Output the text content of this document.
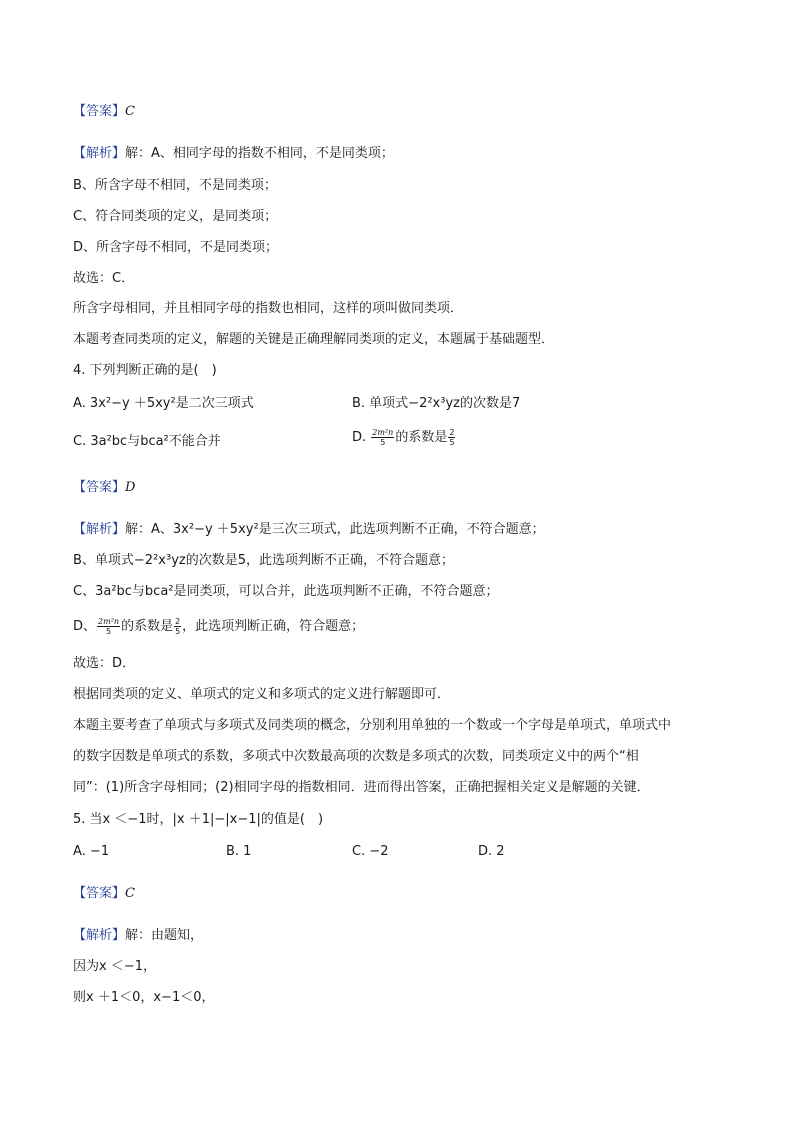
【答案】C
【解析】解：A、相同字母的指数不相同，不是同类项；
B、所含字母不相同，不是同类项；
C、符合同类项的定义，是同类项；
D、所含字母不相同，不是同类项；
故选：C．
所含字母相同，并且相同字母的指数也相同，这样的项叫做同类项．
本题考查同类项的定义，解题的关键是正确理解同类项的定义，本题属于基础题型．
4. 下列判断正确的是(　)
A. 3x²−y ＋5xy²是二次三项式	B. 单项式−2²x³yz的次数是7
C. 3a²bc与bca²不能合并	D. $\frac{\text{2m²n}}{5}$ 的系数是 $\frac{2}{5}$
【答案】D
【解析】解：A、3x²−y ＋5xy²是三次三项式，此选项判断不正确，不符合题意；
B、单项式−2²x³yz的次数是5，此选项判断不正确，不符合题意；
C、3a²bc与bca²是同类项，可以合并，此选项判断不正确，不符合题意；
D、 $\frac{\text{2m²n}}{5}$ 的系数是 $\frac{2}{5}$ ，此选项判断正确，符合题意；
故选：D．
根据同类项的定义、单项式的定义和多项式的定义进行解题即可．
本题主要考查了单项式与多项式及同类项的概念，分别利用单独的一个数或一个字母是单项式，单项式中
的数字因数是单项式的系数，多项式中次数最高项的次数是多项式的次数，同类项定义中的两个“相
同”：(1)所含字母相同；(2)相同字母的指数相同．进而得出答案，正确把握相关定义是解题的关键．
5. 当x ＜−1时，|x ＋1|−|x−1|的值是(　)
A. −1	B. 1	C. −2	D. 2
【答案】C
【解析】解：由题知，
因为x ＜−1，
则x ＋1＜0，x−1＜0，
